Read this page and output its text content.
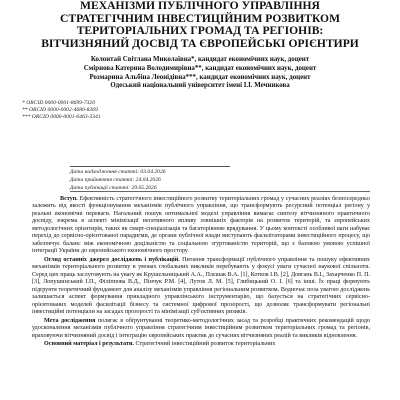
МЕХАНІЗМИ ПУБЛІЧНОГО УПРАВЛІННЯ
СТРАТЕГІЧНИМ ІНВЕСТИЦІЙНИМ РОЗВИТКОМ
ТЕРИТОРІАЛЬНИХ ГРОМАД ТА РЕГІОНІВ:
ВІТЧИЗНЯНИЙ ДОСВІД ТА ЄВРОПЕЙСЬКІ ОРІЄНТИРИ
Колонтай Світлана Миколаївна*, кандидат економічних наук, доцент
Смірнова Катерина Володимирівна**, кандидат економічних наук, доцент
Розмарина Альбіна Леонідівна***, кандидат економічних наук, доцент
Одеський національний університет імені І.І. Мечникова
* ORCID 0000-0001-8699-7320
** ORCID 0000-0002-4680-8369
*** ORCID 0000-0001-6463-3341
Дата надходження статті: 03.04.2026
Дата прийняття статті: 24.04.2026
Дата публікації статті: 29.05.2026

Вступ. Ефективність стратегічного інвестиційного розвитку територіальних громад у сучасних реаліях безпосередньо залежить від якості функціонування механізмів публічного управління, що трансформують ресурсний потенціал регіону у реальні економічні переваги. Нагальний пошук оптимальної моделі управління вимагає синтезу вітчизняного практичного досвіду, зокрема в аспекті мінімізації негативного впливу зовнішніх факторів на розвиток територій, та європейських методологічних орієнтирів, таких як смарт-спеціалізація та багаторівневе врядування. У цьому контексті особливої ваги набуває перехід до сервісно-орієнтованої парадигми, де органи публічної влади виступають фасилітаторами інвестиційного процесу, що забезпечує баланс між економічною доцільністю та соціальною згуртованістю територій, що є базовою умовою успішної інтеграції України до європейського економічного простору.

Огляд останніх джерел досліджень і публікацій. Питання трансформації публічного управління та пошуку ефективних механізмів територіального розвитку в умовах глобальних викликів перебувають у фокусі уваги сучасної наукової спільноти. Серед цих праць заслуговують на увагу як Крушельницький А.А., Плєшак В.А. [1], Котков І.В. [2], Довгань В.І., Захарченко П. П. [3], Лопушинський І.П., Філіппова В.Д., Пінчук Р.М. [4], Лутов Л. М. [5], Глибицький О. І. [6] та інші. Їх праці формують підґрунтя теоретичний фундамент для аналізу механізмів управління регіональним розвитком. Водночас поза увагою досліджень залишається аспект формування прикладного управлінського інструментарію, що базується на стратегічних сервісно-орієнтованих моделей фасилітації бізнесу та системної цифрової прозорості, що дозволяє трансформувати регіональні інвестиційні потенціали на засадах прозорості та мінімізації суб'єктивних ризиків.

Мета дослідження полягає в обґрунтуванні теоретико-методологічних засад та розробці практичних рекомендацій щодо удосконалення механізмів публічного управління стратегічним інвестиційним розвитком територіальних громад та регіонів, враховуючи вітчизняний досвід і інтеграцію європейських практик до сучасних вітчизняних реалій та викликів відновлення.

Основний матеріал і результати. Стратегічний інвестиційний розвиток територіальних
